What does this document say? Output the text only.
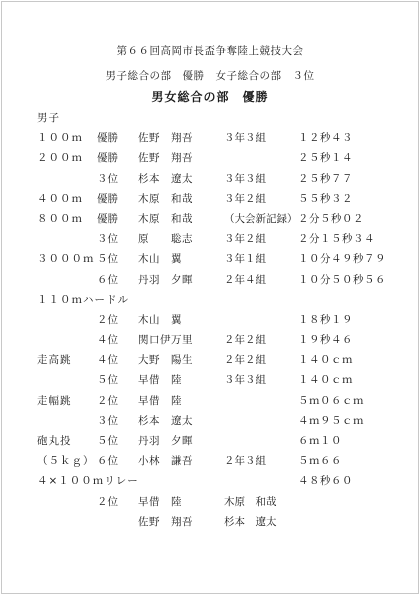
第６６回高岡市長盃争奪陸上競技大会
男子総合の部　優勝　女子総合の部　３位
男女総合の部　優勝
男子
１００ｍ 優勝 佐野　翔吾	３年３組	１２秒４３
２００ｍ 優勝 佐野　翔吾	２５秒１４
３位 杉本　遼太	３年３組	２５秒７７
４００ｍ 優勝 木原　和哉	３年２組	５５秒３２
８００ｍ 優勝 木原　和哉	（大会新記録） ２分５秒０２
３位 原　　聡志	３年２組	２分１５秒３４
３０００ｍ ５位 木山　翼	３年１組	１０分４９秒７９
６位 丹羽　夕暉	２年４組	１０分５０秒５６
１１０ｍハードル
２位 木山　翼	１８秒１９
４位 関口伊万里	２年２組	１９秒４６
走高跳 ４位 大野　陽生	２年２組	１４０ｃｍ
５位 早借　陸	３年３組	１４０ｃｍ
走幅跳 ２位 早借　陸	５ｍ０６ｃｍ
３位 杉本　遼太	４ｍ９５ｃｍ
砲丸投 ５位 丹羽　夕暉	６ｍ１０
（５ｋｇ） ６位 小林　謙吾	２年３組	５ｍ６６
４×１００ｍリレー	４８秒６０
２位 早借　陸	木原　和哉
佐野　翔吾	杉本　遼太
